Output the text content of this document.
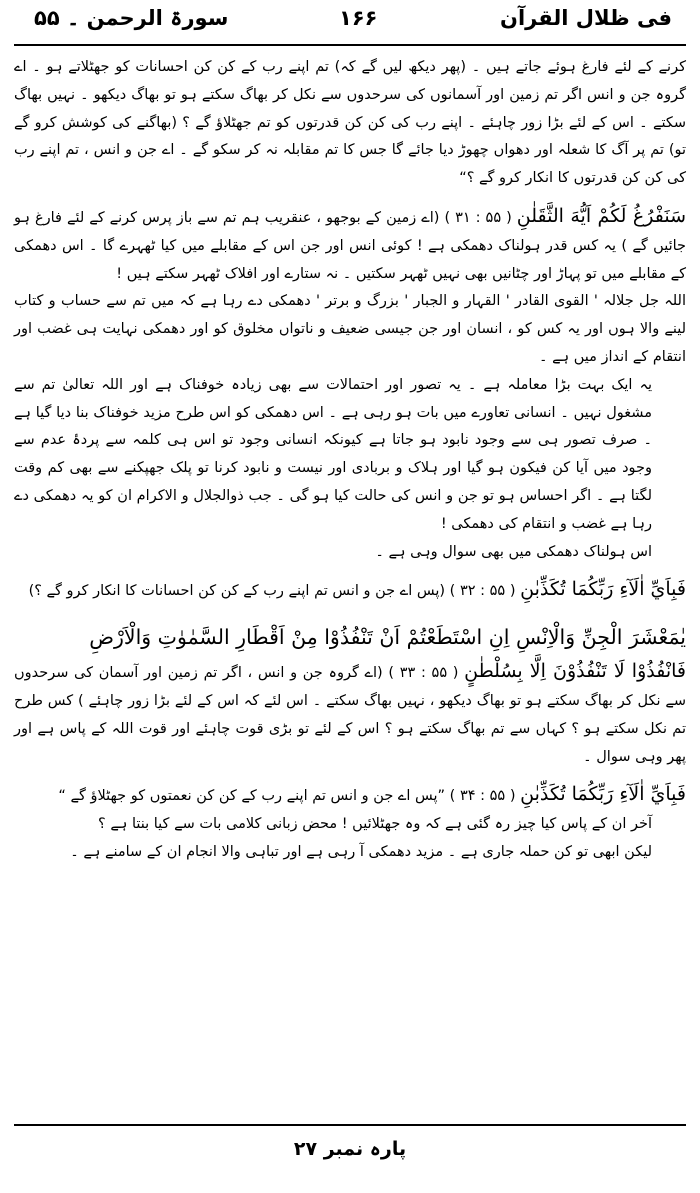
سورۃ الرحمن ۔ ۵۵	۱۶۶	فی ظلال القرآن

کرنے کے لئے فارغ ہوئے جاتے ہیں ۔ (پھر دیکھ لیں گے کہ) تم اپنے رب کے کن کن احسانات کو جھٹلاتے ہو ۔ اے گروہ جن و انس اگر تم زمین اور آسمانوں کی سرحدوں سے نکل کر بھاگ سکتے ہو تو بھاگ دیکھو ۔ نہیں بھاگ سکتے ۔ اس کے لئے بڑا زور چاہئے ۔ اپنے رب کی کن کن قدرتوں کو تم جھٹلاؤ گے ؟ (بھاگنے کی کوشش کرو گے تو) تم پر آگ کا شعلہ اور دھواں چھوڑ دیا جائے گا جس کا تم مقابلہ نہ کر سکو گے ۔ اے جن و انس ، تم اپنے رب کی کن کن قدرتوں کا انکار کرو گے ؟“

سَنَفْرُغُ لَكُمْ اَيُّهَ الثَّقَلٰنِ ( ۵۵ : ۳۱ ) (اے زمین کے بوجھو ، عنقریب ہم تم سے باز پرس کرنے کے لئے فارغ ہو جائیں گے ) یہ کس قدر ہولناک دھمکی ہے ! کوئی انس اور جن اس کے مقابلے میں کیا ٹھہرے گا ۔ اس دھمکی کے مقابلے میں تو پہاڑ اور چٹانیں بھی نہیں ٹھہر سکتیں ۔ نہ ستارے اور افلاک ٹھہر سکتے ہیں !

اللہ جل جلالہ ' القوی القادر ' القہار و الجبار ' بزرگ و برتر ' دھمکی دے رہا ہے کہ میں تم سے حساب و کتاب لینے والا ہوں اور یہ کس کو ، انسان اور جن جیسی ضعیف و ناتواں مخلوق کو اور دھمکی نہایت ہی غضب اور انتقام کے انداز میں ہے ۔

یہ ایک بہت بڑا معاملہ ہے ۔ یہ تصور اور احتمالات سے بھی زیادہ خوفناک ہے اور اللہ تعالیٰ تم سے مشغول نہیں ۔ انسانی تعاورے میں بات ہو رہی ہے ۔ اس دھمکی کو اس طرح مزید خوفناک بنا دیا گیا ہے ۔ صرف تصور ہی سے وجود نابود ہو جاتا ہے کیونکہ انسانی وجود تو اس ہی کلمہ سے پردۂ عدم سے وجود میں آیا کن فیکون ہو گیا اور ہلاک و بربادی اور نیست و نابود کرنا تو پلک جھپکنے سے بھی کم وقت لگتا ہے ۔ اگر احساس ہو تو جن و انس کی حالت کیا ہو گی ۔ جب ذوالجلال و الاکرام ان کو یہ دھمکی دے رہا ہے غضب و انتقام کی دھمکی !

اس ہولناک دھمکی میں بھی سوال وہی ہے ۔

فَبِاَيِّ اٰلَآءِ رَبِّكُمَا تُكَذِّبٰنِ ( ۵۵ : ۳۲ ) (پس اے جن و انس تم اپنے رب کے کن کن احسانات کا انکار کرو گے ؟)

يٰمَعْشَرَ الْجِنِّ وَالْاِنْسِ اِنِ اسْتَطَعْتُمْ اَنْ تَنْفُذُوْا مِنْ اَقْطَارِ السَّمٰوٰتِ وَالْاَرْضِ

فَانْفُذُوْا لَا تَنْفُذُوْنَ اِلَّا بِسُلْطٰنٍ ( ۵۵ : ۳۳ ) (اے گروہ جن و انس ، اگر تم زمین اور آسمان کی سرحدوں سے نکل کر بھاگ سکتے ہو تو بھاگ دیکھو ، نہیں بھاگ سکتے ۔ اس لئے کہ اس کے لئے بڑا زور چاہئے ) کس طرح تم نکل سکتے ہو ؟ کہاں سے تم بھاگ سکتے ہو ؟ اس کے لئے تو بڑی قوت چاہئے اور قوت اللہ کے پاس ہے اور پھر وہی سوال ۔

فَبِاَيِّ اٰلَآءِ رَبِّكُمَا تُكَذِّبٰنِ ( ۵۵ : ۳۴ ) ”پس اے جن و انس تم اپنے رب کے کن کن نعمتوں کو جھٹلاؤ گے “

آخر ان کے پاس کیا چیز رہ گئی ہے کہ وہ جھٹلائیں ! محض زبانی کلامی بات سے کیا بنتا ہے ؟

لیکن ابھی تو کن حملہ جاری ہے ۔ مزید دھمکی آ رہی ہے اور تباہی والا انجام ان کے سامنے ہے ۔

پارہ نمبر ۲۷
